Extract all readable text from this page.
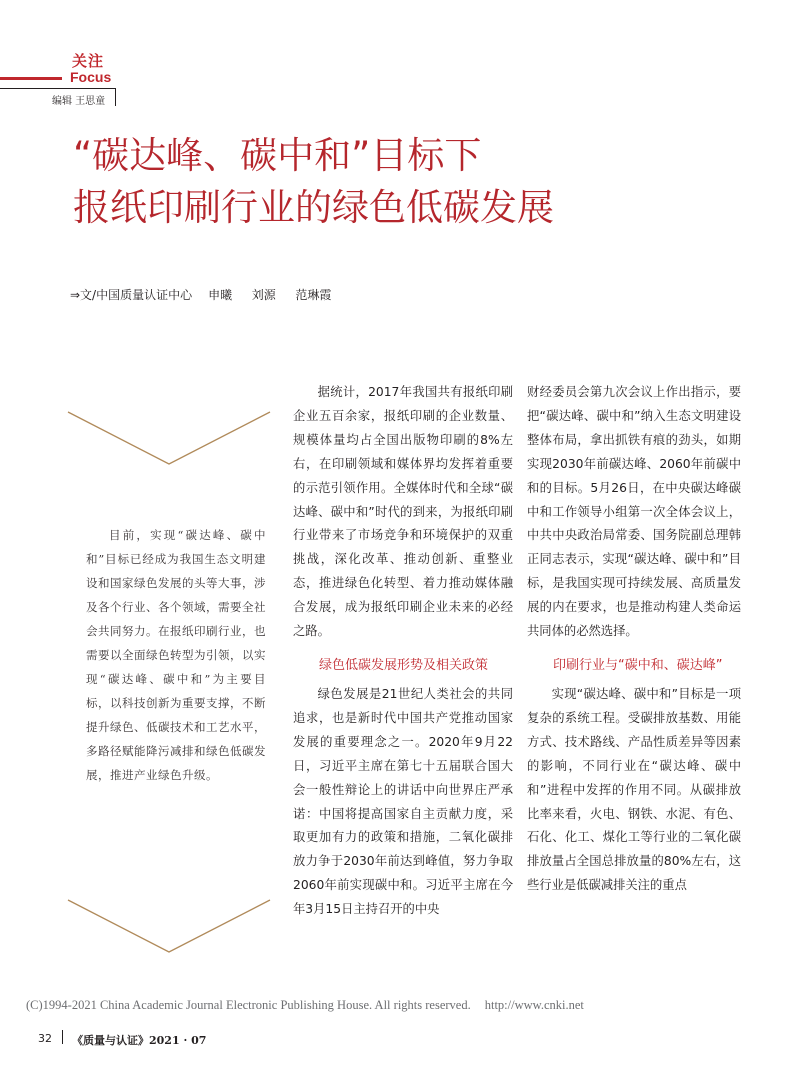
关注
Focus
编辑 王思童
“碳达峰、碳中和”目标下
报纸印刷行业的绿色低碳发展
⇒文/中国质量认证中心 申曦  刘源  范琳霞
目前，实现“碳达峰、碳中和”目标已经成为我国生态文明建设和国家绿色发展的头等大事，涉及各个行业、各个领域，需要全社会共同努力。在报纸印刷行业，也需要以全面绿色转型为引领，以实现“碳达峰、碳中和”为主要目标，以科技创新为重要支撑，不断提升绿色、低碳技术和工艺水平，多路径赋能降污减排和绿色低碳发展，推进产业绿色升级。

据统计，2017年我国共有报纸印刷企业五百余家，报纸印刷的企业数量、规模体量均占全国出版物印刷的8%左右，在印刷领域和媒体界均发挥着重要的示范引领作用。全媒体时代和全球“碳达峰、碳中和”时代的到来，为报纸印刷行业带来了市场竞争和环境保护的双重挑战，深化改革、推动创新、重整业态，推进绿色化转型、着力推动媒体融合发展，成为报纸印刷企业未来的必经之路。

绿色低碳发展形势及相关政策

绿色发展是21世纪人类社会的共同追求，也是新时代中国共产党推动国家发展的重要理念之一。2020年9月22日，习近平主席在第七十五届联合国大会一般性辩论上的讲话中向世界庄严承诺：中国将提高国家自主贡献力度，采取更加有力的政策和措施，二氧化碳排放力争于2030年前达到峰值，努力争取2060年前实现碳中和。习近平主席在今年3月15日主持召开的中央

财经委员会第九次会议上作出指示，要把“碳达峰、碳中和”纳入生态文明建设整体布局，拿出抓铁有痕的劲头，如期实现2030年前碳达峰、2060年前碳中和的目标。5月26日，在中央碳达峰碳中和工作领导小组第一次全体会议上，中共中央政治局常委、国务院副总理韩正同志表示，实现“碳达峰、碳中和”目标，是我国实现可持续发展、高质量发展的内在要求，也是推动构建人类命运共同体的必然选择。

印刷行业与“碳中和、碳达峰”

实现“碳达峰、碳中和”目标是一项复杂的系统工程。受碳排放基数、用能方式、技术路线、产品性质差异等因素的影响，不同行业在“碳达峰、碳中和”进程中发挥的作用不同。从碳排放比率来看，火电、钢铁、水泥、有色、石化、化工、煤化工等行业的二氧化碳排放量占全国总排放量的80%左右，这些行业是低碳减排关注的重点

(C)1994-2021 China Academic Journal Electronic Publishing House. All rights reserved. http://www.cnki.net
32 《质量与认证》2021 · 07
